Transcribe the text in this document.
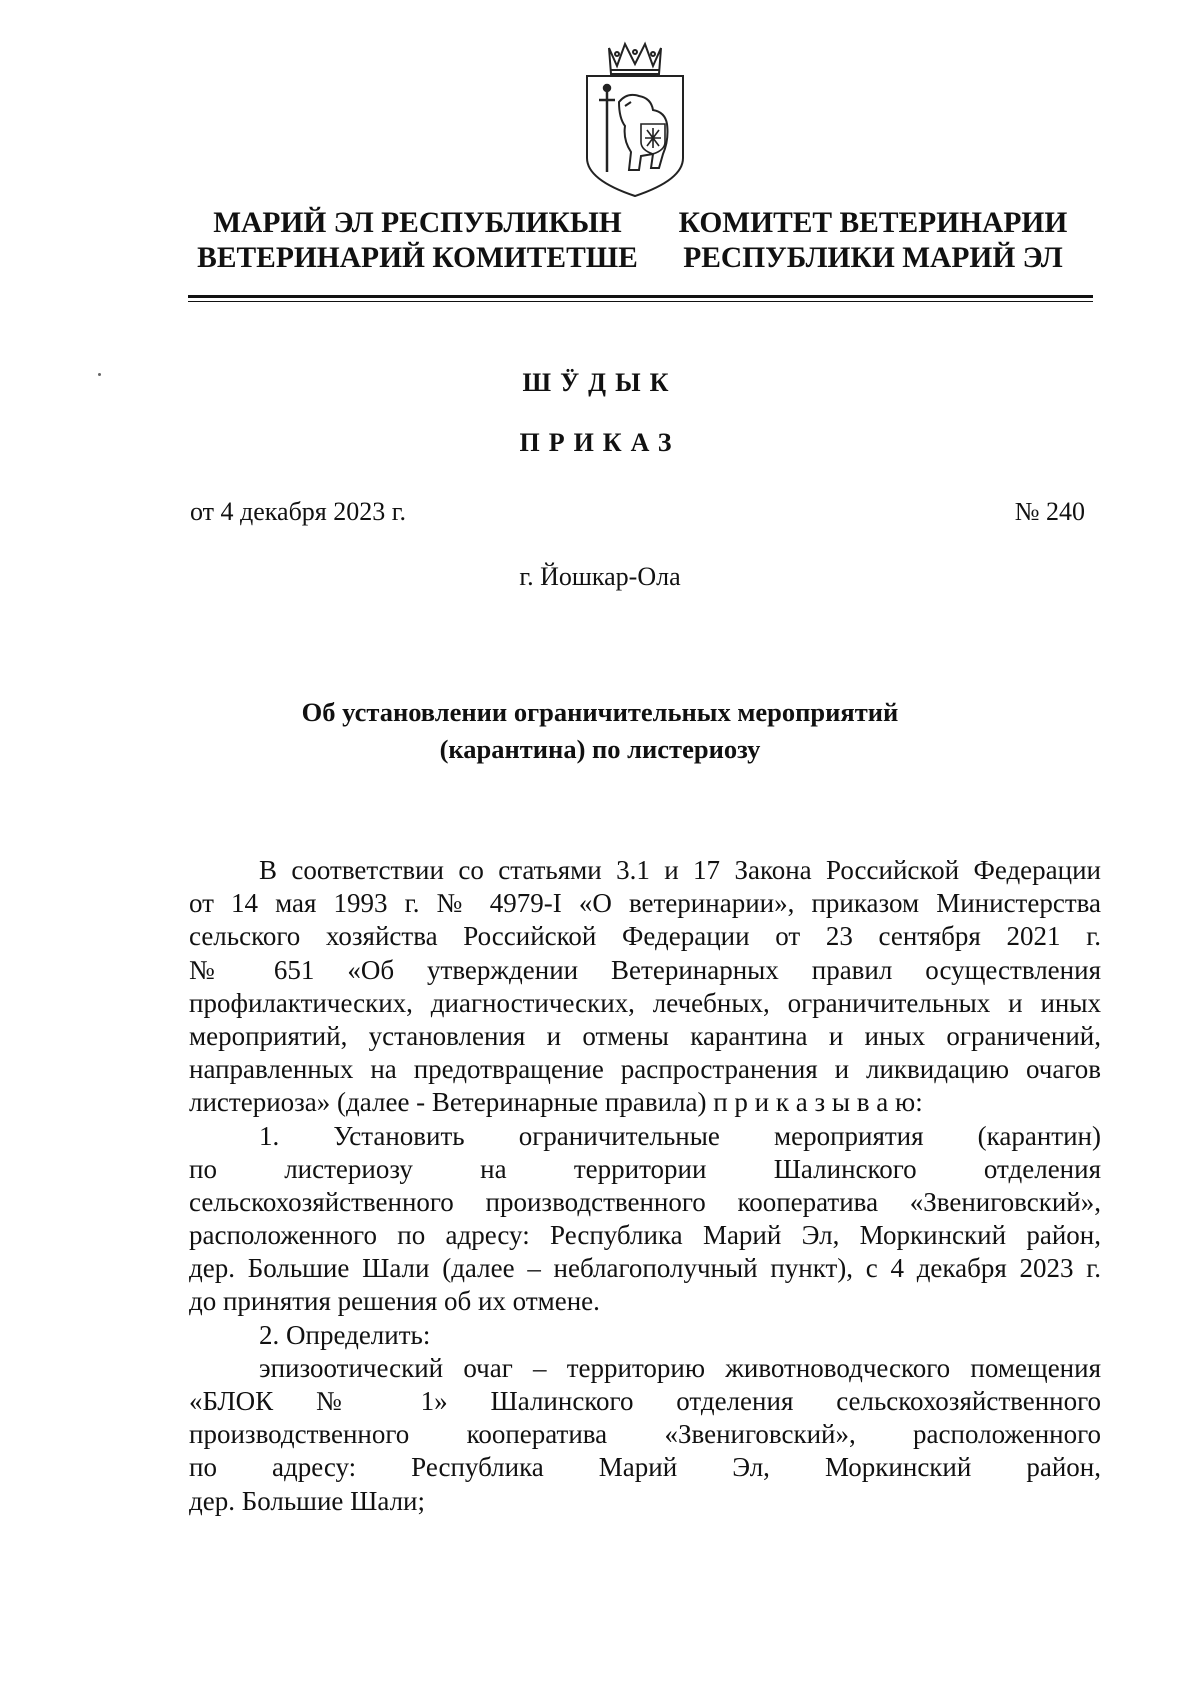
МАРИЙ ЭЛ РЕСПУБЛИКЫН
ВЕТЕРИНАРИЙ КОМИТЕТШЕ
КОМИТЕТ ВЕТЕРИНАРИИ
РЕСПУБЛИКИ МАРИЙ ЭЛ
ШӰДЫК
ПРИКАЗ
от 4 декабря 2023 г.	№ 240
г. Йошкар-Ола
Об установлении ограничительных мероприятий
(карантина) по листериозу
В соответствии со статьями 3.1 и 17 Закона Российской Федерации
от 14 мая 1993 г. № 4979-I «О ветеринарии», приказом Министерства
сельского хозяйства Российской Федерации от 23 сентября 2021 г.
№ 651 «Об утверждении Ветеринарных правил осуществления
профилактических, диагностических, лечебных, ограничительных и иных
мероприятий, установления и отмены карантина и иных ограничений,
направленных на предотвращение распространения и ликвидацию очагов
листериоза» (далее - Ветеринарные правила) п р и к а з ы в а ю:
1. Установить ограничительные мероприятия (карантин)
по листериозу на территории Шалинского отделения
сельскохозяйственного производственного кооператива «Звениговский»,
расположенного по адресу: Республика Марий Эл, Моркинский район,
дер. Большие Шали (далее – неблагополучный пункт), с 4 декабря 2023 г.
до принятия решения об их отмене.
2. Определить:
эпизоотический очаг – территорию животноводческого помещения
«БЛОК № 1» Шалинского отделения сельскохозяйственного
производственного кооператива «Звениговский», расположенного
по адресу: Республика Марий Эл, Моркинский район,
дер. Большие Шали;
